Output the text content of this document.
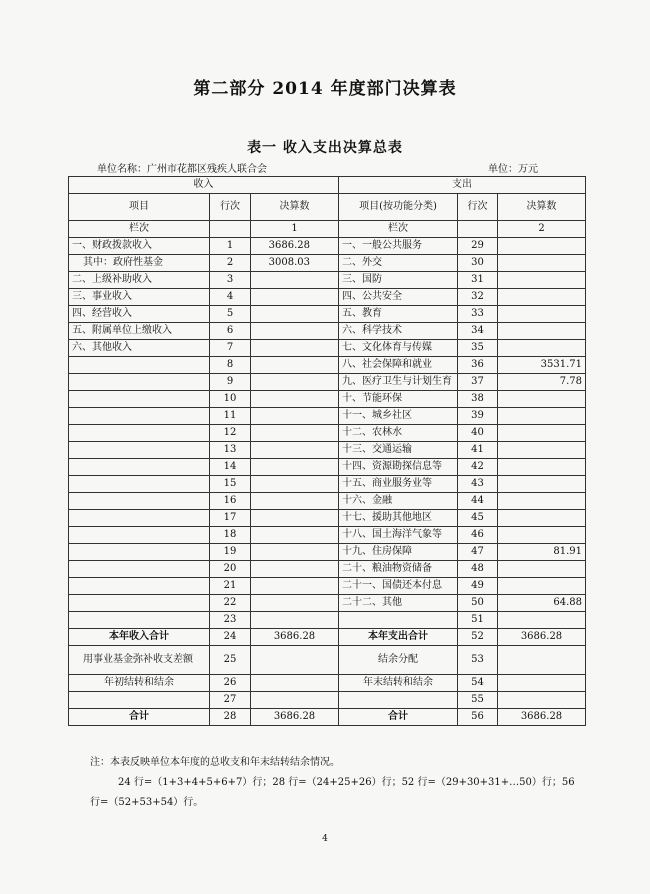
第二部分 2014 年度部门决算表
表一 收入支出决算总表
单位名称：广州市花都区残疾人联合会	单位：万元
收入			支出		
项目	行次	决算数	项目(按功能分类)	行次	决算数
栏次		1	栏次		2
一、财政拨款收入	1	3686.28	一、一般公共服务	29	
其中：政府性基金	2	3008.03	二、外交	30	
二、上级补助收入	3		三、国防	31	
三、事业收入	4		四、公共安全	32	
四、经营收入	5		五、教育	33	
五、附属单位上缴收入	6		六、科学技术	34	
六、其他收入	7		七、文化体育与传媒	35	
	8		八、社会保障和就业	36	3531.71
	9		九、医疗卫生与计划生育	37	7.78
	10		十、节能环保	38	
	11		十一、城乡社区	39	
	12		十二、农林水	40	
	13		十三、交通运输	41	
	14		十四、资源勘探信息等	42	
	15		十五、商业服务业等	43	
	16		十六、金融	44	
	17		十七、援助其他地区	45	
	18		十八、国土海洋气象等	46	
	19		十九、住房保障	47	81.91
	20		二十、粮油物资储备	48	
	21		二十一、国债还本付息	49	
	22		二十二、其他	50	64.88
	23			51	
本年收入合计	24	3686.28	本年支出合计	52	3686.28
用事业基金弥补收支差额	25		结余分配	53	
年初结转和结余	26		年末结转和结余	54	
	27			55	
合计	28	3686.28	合计	56	3686.28
注：本表反映单位本年度的总收支和年末结转结余情况。
24 行=（1+3+4+5+6+7）行；28 行=（24+25+26）行；52 行=（29+30+31+…50）行；56
行=（52+53+54）行。
4
